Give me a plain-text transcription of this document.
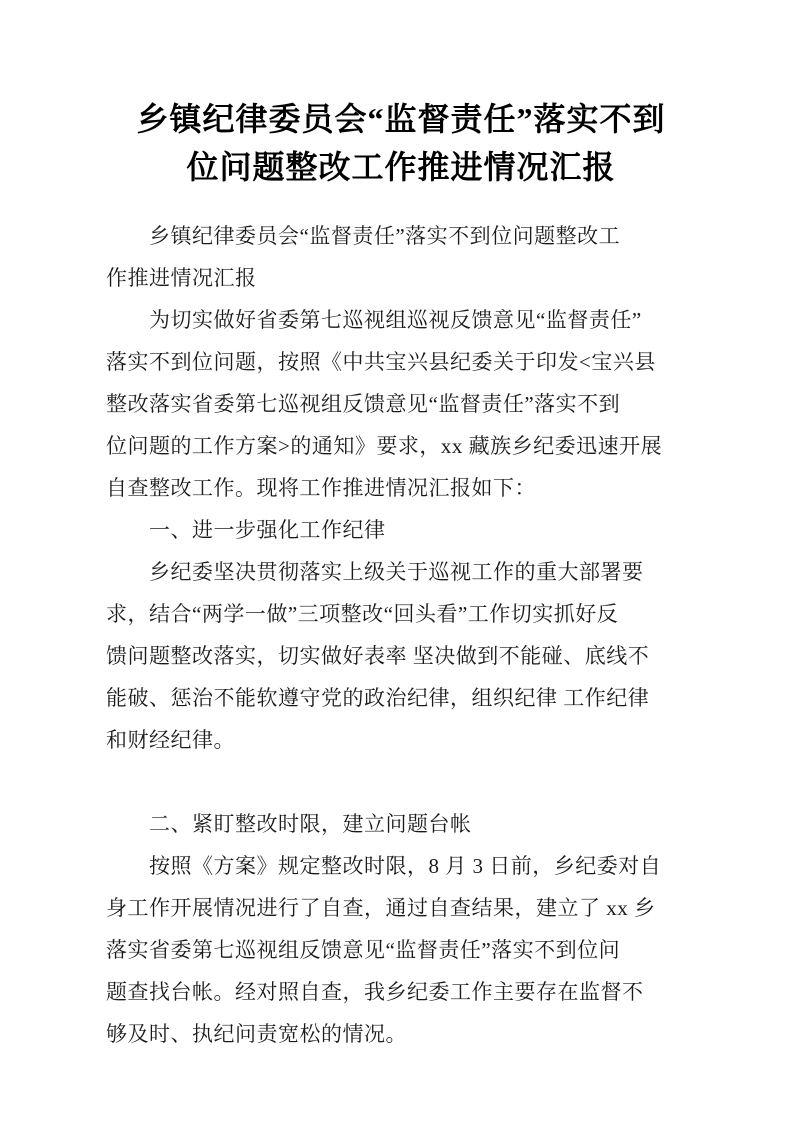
乡镇纪律委员会“监督责任”落实不到
位问题整改工作推进情况汇报

　　乡镇纪律委员会“监督责任”落实不到位问题整改工
作推进情况汇报

　　为切实做好省委第七巡视组巡视反馈意见“监督责任”
落实不到位问题，按照《中共宝兴县纪委关于印发<宝兴县
整改落实省委第七巡视组反馈意见“监督责任”落实不到
位问题的工作方案>的通知》要求，xx 藏族乡纪委迅速开展
自查整改工作。现将工作推进情况汇报如下：

　　一、进一步强化工作纪律

　　乡纪委坚决贯彻落实上级关于巡视工作的重大部署要
求，结合“两学一做”三项整改“回头看”工作切实抓好反
馈问题整改落实，切实做好表率 坚决做到不能碰、底线不
能破、惩治不能软遵守党的政治纪律，组织纪律 工作纪律
和财经纪律。

　　二、紧盯整改时限，建立问题台帐

　　按照《方案》规定整改时限，8 月 3 日前，乡纪委对自
身工作开展情况进行了自查，通过自查结果，建立了 xx 乡
落实省委第七巡视组反馈意见“监督责任”落实不到位问
题查找台帐。经对照自查，我乡纪委工作主要存在监督不
够及时、执纪问责宽松的情况。
